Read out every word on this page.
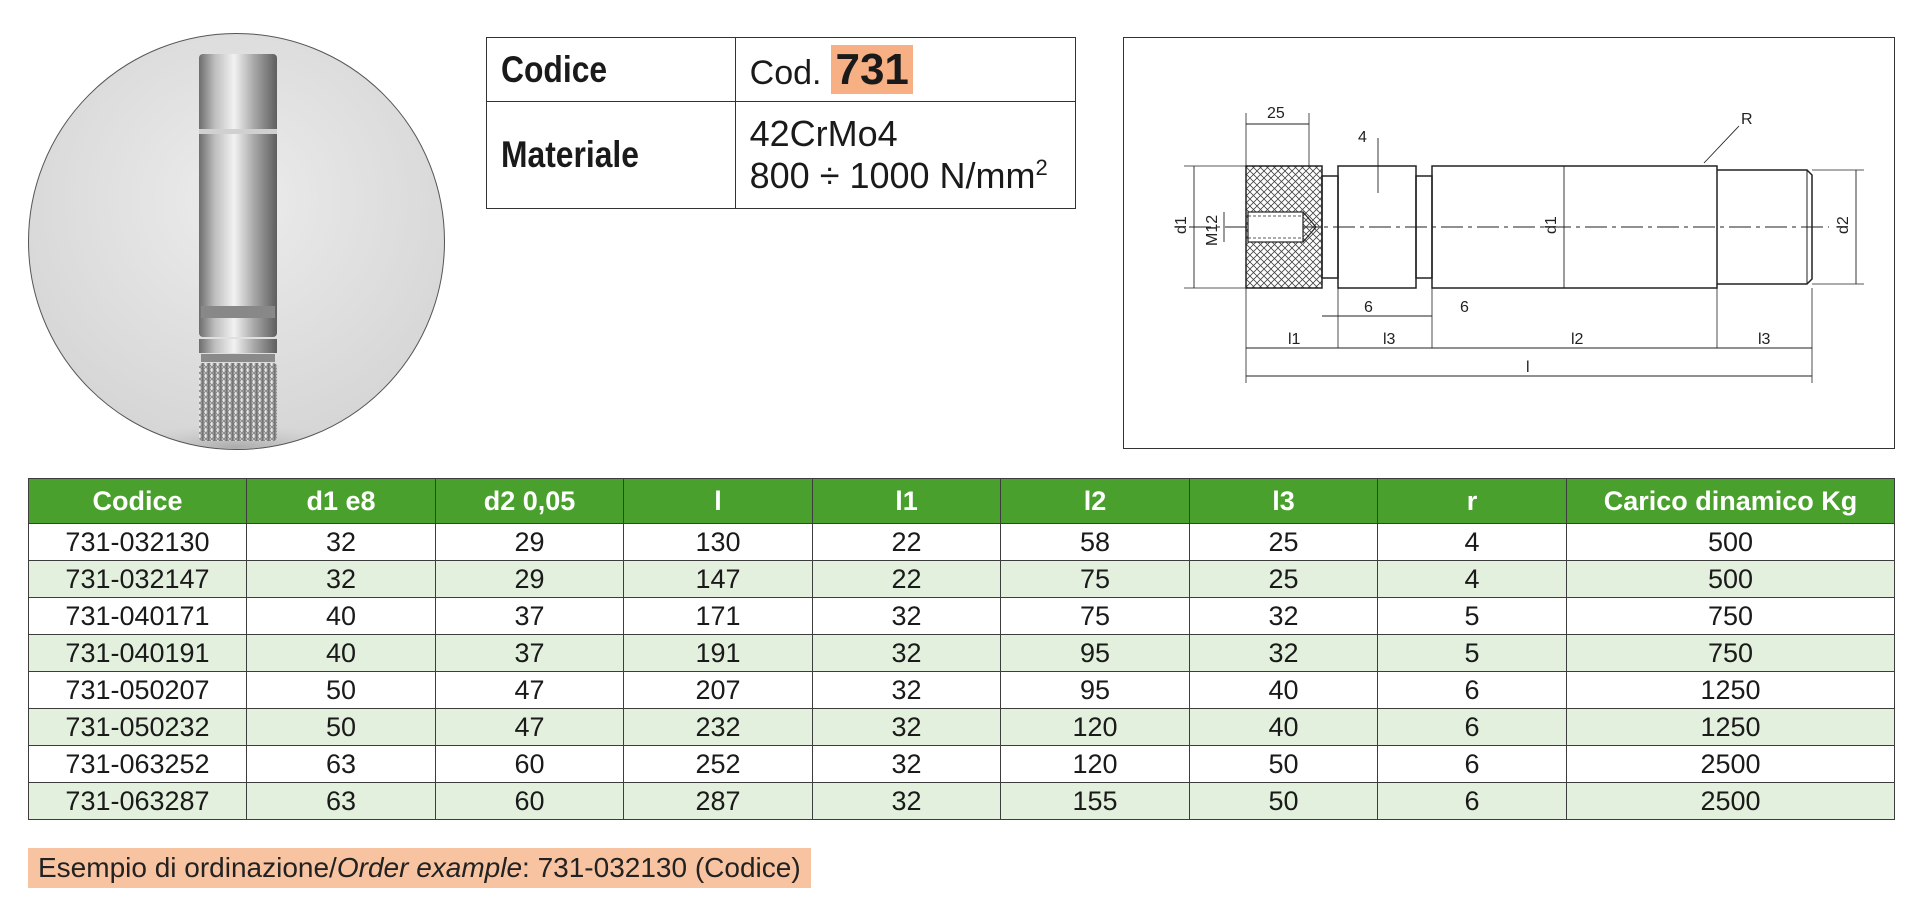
Codice	Cod. 731

Materiale	42CrMo4
800 ÷ 1000 $N/mm^2$
25
4
R
d1 M12	d1	d2
6	6
l1	l3	l2	l3
l
Codice	d1 e8	d2 0,05	l	l1	l2	l3	r	Carico dinamico Kg
731-032130	32	29	130	22	58	25	4	500
731-032147	32	29	147	22	75	25	4	500
731-040171	40	37	171	32	75	32	5	750
731-040191	40	37	191	32	95	32	5	750
731-050207	50	47	207	32	95	40	6	1250
731-050232	50	47	232	32	120	40	6	1250
731-063252	63	60	252	32	120	50	6	2500
731-063287	63	60	287	32	155	50	6	2500
Esempio di ordinazione/Order example: 731-032130 (Codice)
